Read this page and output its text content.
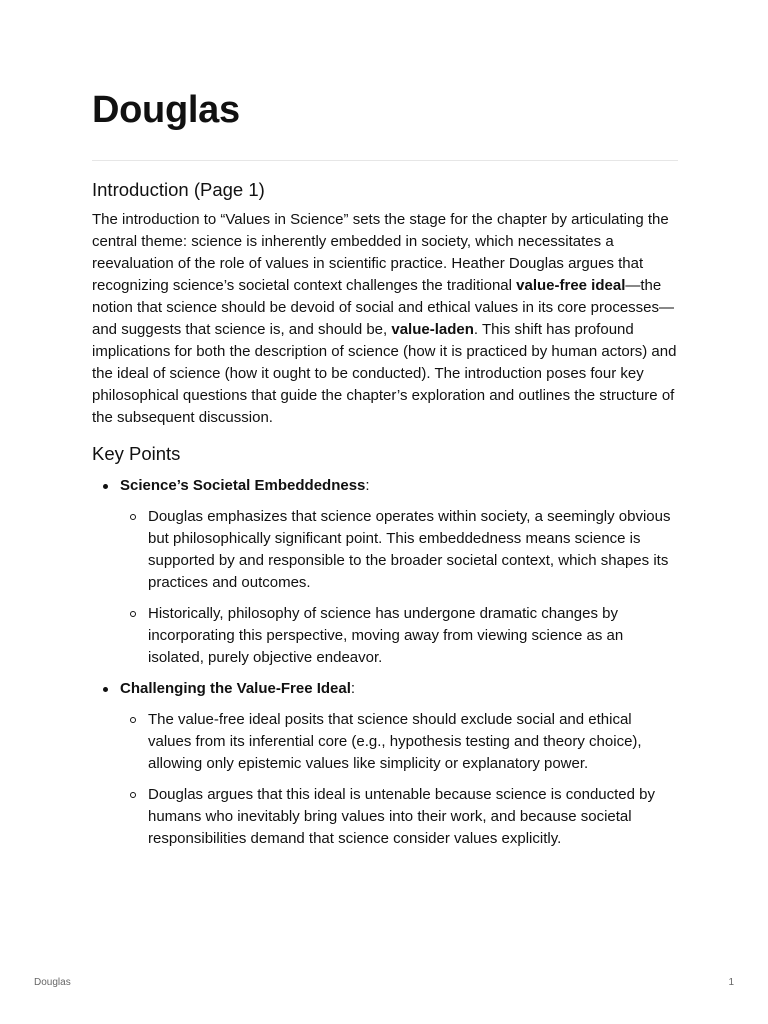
Douglas
Introduction (Page 1)

The introduction to “Values in Science” sets the stage for the chapter by articulating the central theme: science is inherently embedded in society, which necessitates a reevaluation of the role of values in scientific practice. Heather Douglas argues that recognizing science’s societal context challenges the traditional value-free ideal—the notion that science should be devoid of social and ethical values in its core processes—and suggests that science is, and should be, value-laden. This shift has profound implications for both the description of science (how it is practiced by human actors) and the ideal of science (how it ought to be conducted). The introduction poses four key philosophical questions that guide the chapter’s exploration and outlines the structure of the subsequent discussion.

Key Points
Science’s Societal Embeddedness:
Douglas emphasizes that science operates within society, a seemingly obvious but philosophically significant point. This embeddedness means science is supported by and responsible to the broader societal context, which shapes its practices and outcomes.
Historically, philosophy of science has undergone dramatic changes by incorporating this perspective, moving away from viewing science as an isolated, purely objective endeavor.
Challenging the Value-Free Ideal:
The value-free ideal posits that science should exclude social and ethical values from its inferential core (e.g., hypothesis testing and theory choice), allowing only epistemic values like simplicity or explanatory power.
Douglas argues that this ideal is untenable because science is conducted by humans who inevitably bring values into their work, and because societal responsibilities demand that science consider values explicitly.
Douglas	1
